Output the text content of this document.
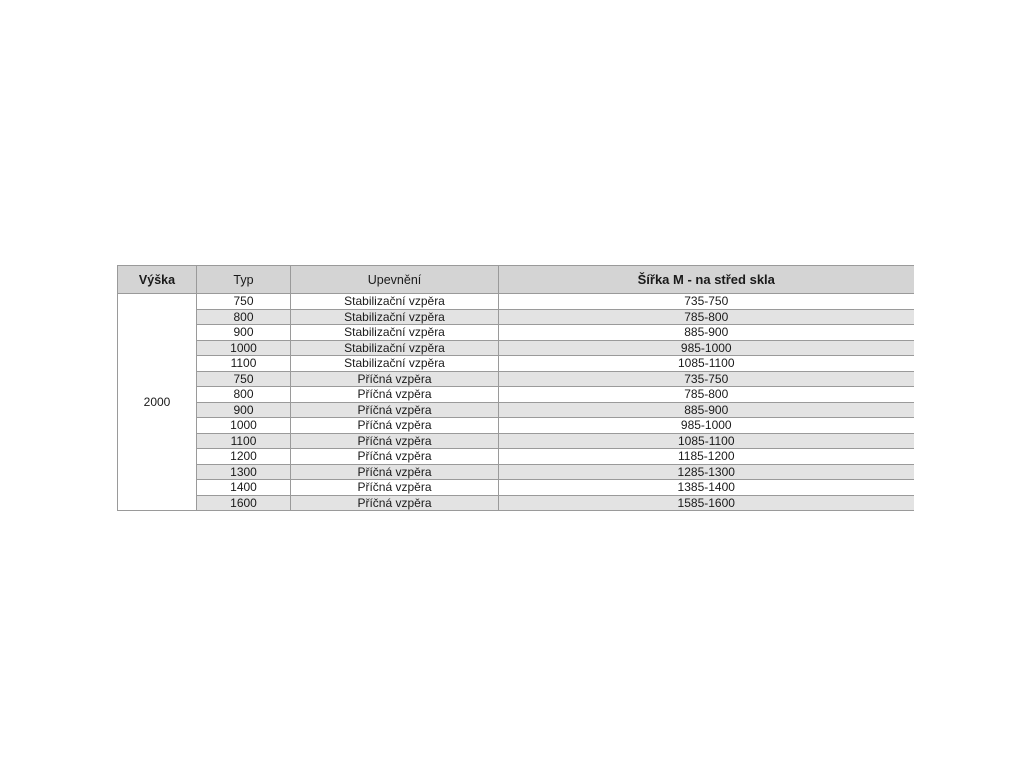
Výška	Typ	Upevnění	Šířka M - na střed skla
2000	750	Stabilizační vzpěra	735-750
	800	Stabilizační vzpěra	785-800
	900	Stabilizační vzpěra	885-900
	1000	Stabilizační vzpěra	985-1000
	1100	Stabilizační vzpěra	1085-1100
	750	Příčná vzpěra	735-750
	800	Příčná vzpěra	785-800
	900	Příčná vzpěra	885-900
	1000	Příčná vzpěra	985-1000
	1100	Příčná vzpěra	1085-1100
	1200	Příčná vzpěra	1185-1200
	1300	Příčná vzpěra	1285-1300
	1400	Příčná vzpěra	1385-1400
	1600	Příčná vzpěra	1585-1600
